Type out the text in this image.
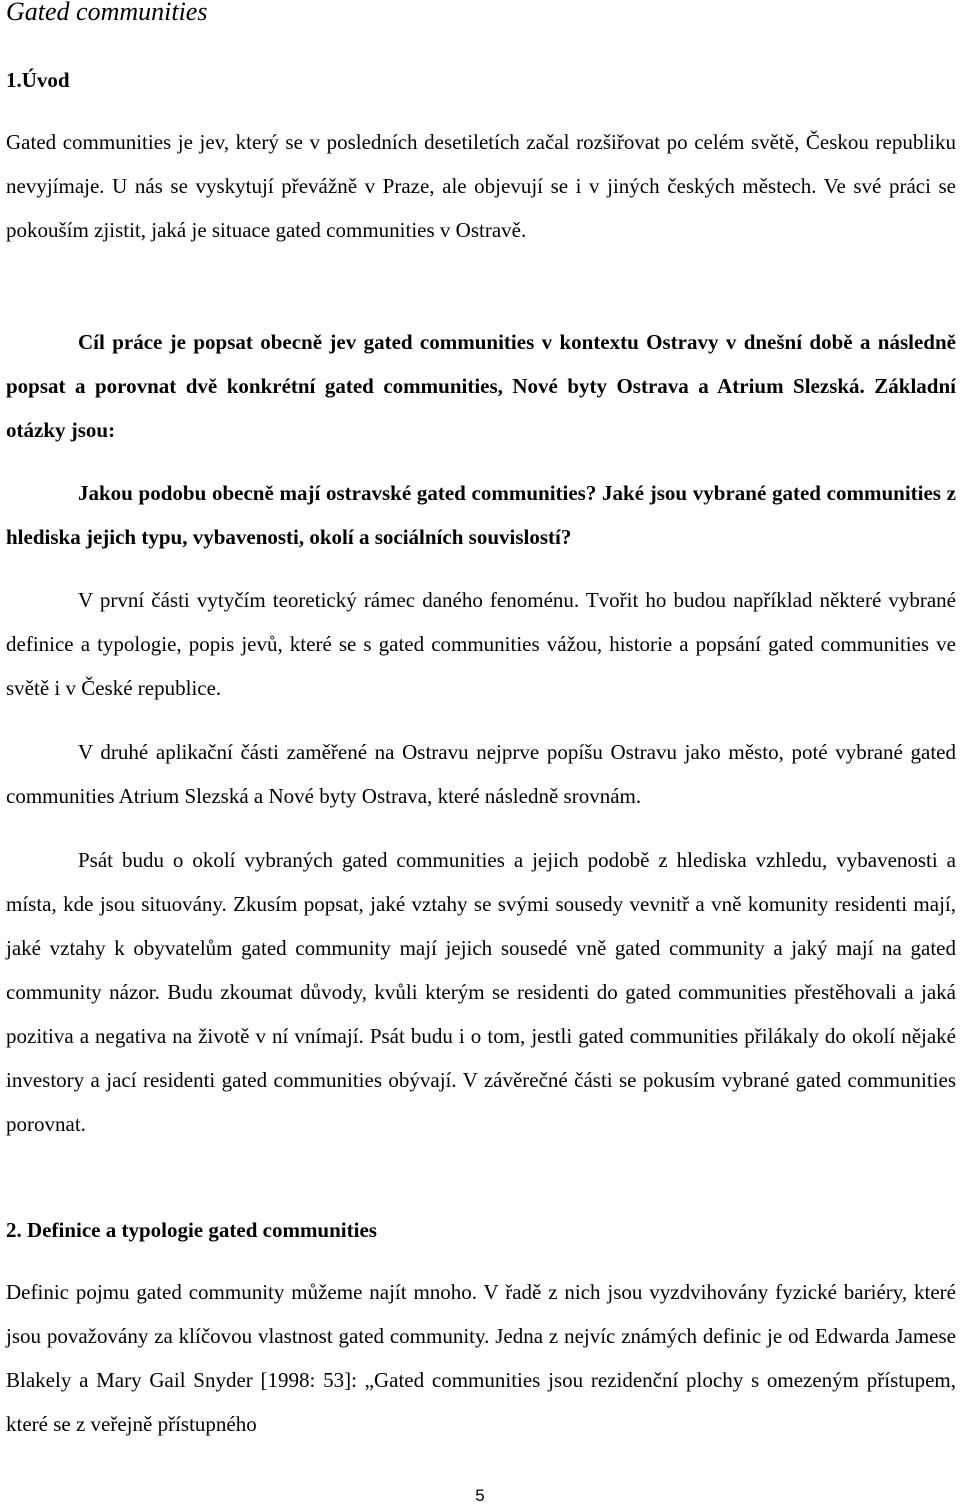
Gated communities
1.Úvod

Gated communities je jev, který se v posledních desetiletích začal rozšiřovat po celém světě, Českou republiku nevyjímaje. U nás se vyskytují převážně v Praze, ale objevují se i v jiných českých městech. Ve své práci se pokouším zjistit, jaká je situace gated communities v Ostravě.

Cíl práce je popsat obecně jev gated communities v kontextu Ostravy v dnešní době a následně popsat a porovnat dvě konkrétní gated communities, Nové byty Ostrava a Atrium Slezská. Základní otázky jsou:

Jakou podobu obecně mají ostravské gated communities? Jaké jsou vybrané gated communities z hlediska jejich typu, vybavenosti, okolí a sociálních souvislostí?

V první části vytyčím teoretický rámec daného fenoménu. Tvořit ho budou například některé vybrané definice a typologie, popis jevů, které se s gated communities vážou, historie a popsání gated communities ve světě i v České republice.

V druhé aplikační části zaměřené na Ostravu nejprve popíšu Ostravu jako město, poté vybrané gated communities Atrium Slezská a Nové byty Ostrava, které následně srovnám.

Psát budu o okolí vybraných gated communities a jejich podobě z hlediska vzhledu, vybavenosti a místa, kde jsou situovány. Zkusím popsat, jaké vztahy se svými sousedy vevnitř a vně komunity residenti mají, jaké vztahy k obyvatelům gated community mají jejich sousedé vně gated community a jaký mají na gated community názor. Budu zkoumat důvody, kvůli kterým se residenti do gated communities přestěhovali a jaká pozitiva a negativa na životě v ní vnímají. Psát budu i o tom, jestli gated communities přilákaly do okolí nějaké investory a jací residenti gated communities obývají. V závěrečné části se pokusím vybrané gated communities porovnat.

2. Definice a typologie gated communities

Definic pojmu gated community můžeme najít mnoho. V řadě z nich jsou vyzdvihovány fyzické bariéry, které jsou považovány za klíčovou vlastnost gated community. Jedna z nejvíc známých definic je od Edwarda Jamese Blakely a Mary Gail Snyder [1998: 53]: „Gated communities jsou rezidenční plochy s omezeným přístupem, které se z veřejně přístupného

5
